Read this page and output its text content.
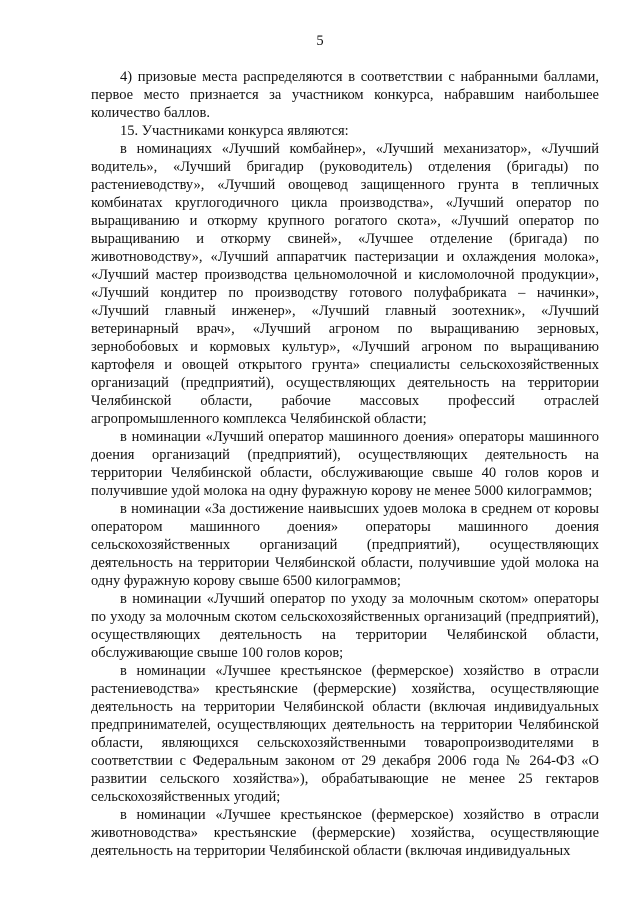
5

4) призовые места распределяются в соответствии с набранными баллами, первое место признается за участником конкурса, набравшим наибольшее количество баллов.

15. Участниками конкурса являются:

в номинациях «Лучший комбайнер», «Лучший механизатор», «Лучший водитель», «Лучший бригадир (руководитель) отделения (бригады) по растениеводству», «Лучший овощевод защищенного грунта в тепличных комбинатах круглогодичного цикла производства», «Лучший оператор по выращиванию и откорму крупного рогатого скота», «Лучший оператор по выращиванию и откорму свиней», «Лучшее отделение (бригада) по животноводству», «Лучший аппаратчик пастеризации и охлаждения молока», «Лучший мастер производства цельномолочной и кисломолочной продукции», «Лучший кондитер по производству готового полуфабриката – начинки», «Лучший главный инженер», «Лучший главный зоотехник», «Лучший ветеринарный врач», «Лучший агроном по выращиванию зерновых, зернобобовых и кормовых культур», «Лучший агроном по выращиванию картофеля и овощей открытого грунта» специалисты сельскохозяйственных организаций (предприятий), осуществляющих деятельность на территории Челябинской области, рабочие массовых профессий отраслей агропромышленного комплекса Челябинской области;

в номинации «Лучший оператор машинного доения» операторы машинного доения организаций (предприятий), осуществляющих деятельность на территории Челябинской области, обслуживающие свыше 40 голов коров и получившие удой молока на одну фуражную корову не менее 5000 килограммов;

в номинации «За достижение наивысших удоев молока в среднем от коровы оператором машинного доения» операторы машинного доения сельскохозяйственных организаций (предприятий), осуществляющих деятельность на территории Челябинской области, получившие удой молока на одну фуражную корову свыше 6500 килограммов;

в номинации «Лучший оператор по уходу за молочным скотом» операторы по уходу за молочным скотом сельскохозяйственных организаций (предприятий), осуществляющих деятельность на территории Челябинской области, обслуживающие свыше 100 голов коров;

в номинации «Лучшее крестьянское (фермерское) хозяйство в отрасли растениеводства» крестьянские (фермерские) хозяйства, осуществляющие деятельность на территории Челябинской области (включая индивидуальных предпринимателей, осуществляющих деятельность на территории Челябинской области, являющихся сельскохозяйственными товаропроизводителями в соответствии с Федеральным законом от 29 декабря 2006 года № 264-ФЗ «О развитии сельского хозяйства»), обрабатывающие не менее 25 гектаров сельскохозяйственных угодий;

в номинации «Лучшее крестьянское (фермерское) хозяйство в отрасли животноводства» крестьянские (фермерские) хозяйства, осуществляющие деятельность на территории Челябинской области (включая индивидуальных
